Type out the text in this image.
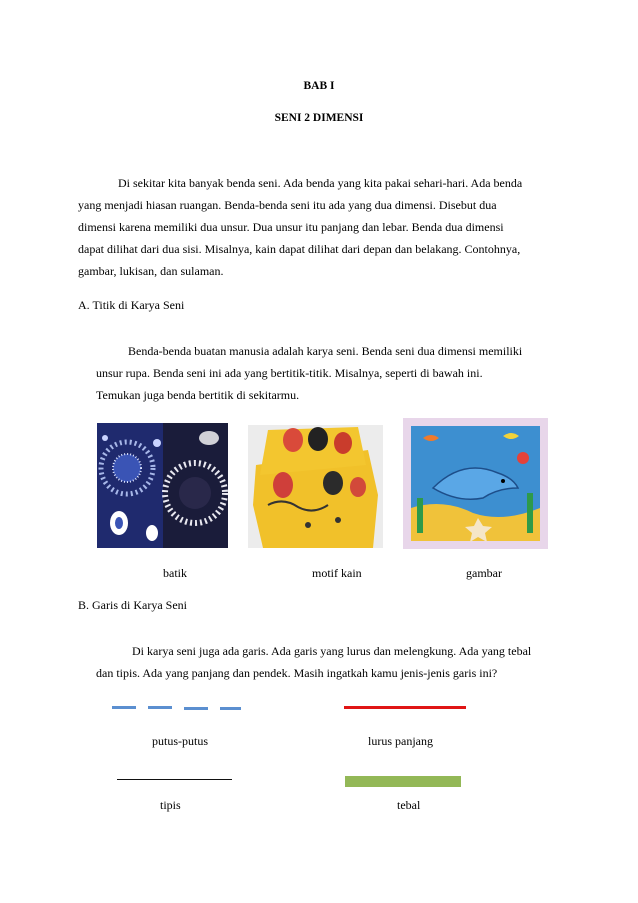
BAB I
SENI 2 DIMENSI

Di sekitar kita banyak benda seni. Ada benda yang kita pakai sehari-hari. Ada benda

yang menjadi hiasan ruangan. Benda-benda seni itu ada yang dua dimensi. Disebut dua

dimensi karena memiliki dua unsur. Dua unsur itu panjang dan lebar. Benda dua dimensi

dapat dilihat dari dua sisi. Misalnya, kain dapat dilihat dari depan dan belakang. Contohnya,

gambar, lukisan, dan sulaman.

A. Titik di Karya Seni

Benda-benda buatan manusia adalah karya seni. Benda seni dua dimensi memiliki

unsur rupa. Benda seni ini ada yang bertitik-titik. Misalnya, seperti di bawah ini.

Temukan juga benda bertitik di sekitarmu.

batik	motif kain	gambar
B. Garis di Karya Seni

Di karya seni juga ada garis. Ada garis yang lurus dan melengkung. Ada yang tebal

dan tipis. Ada yang panjang dan pendek. Masih ingatkah kamu jenis-jenis garis ini?

putus-putus	lurus panjang
tipis	tebal
